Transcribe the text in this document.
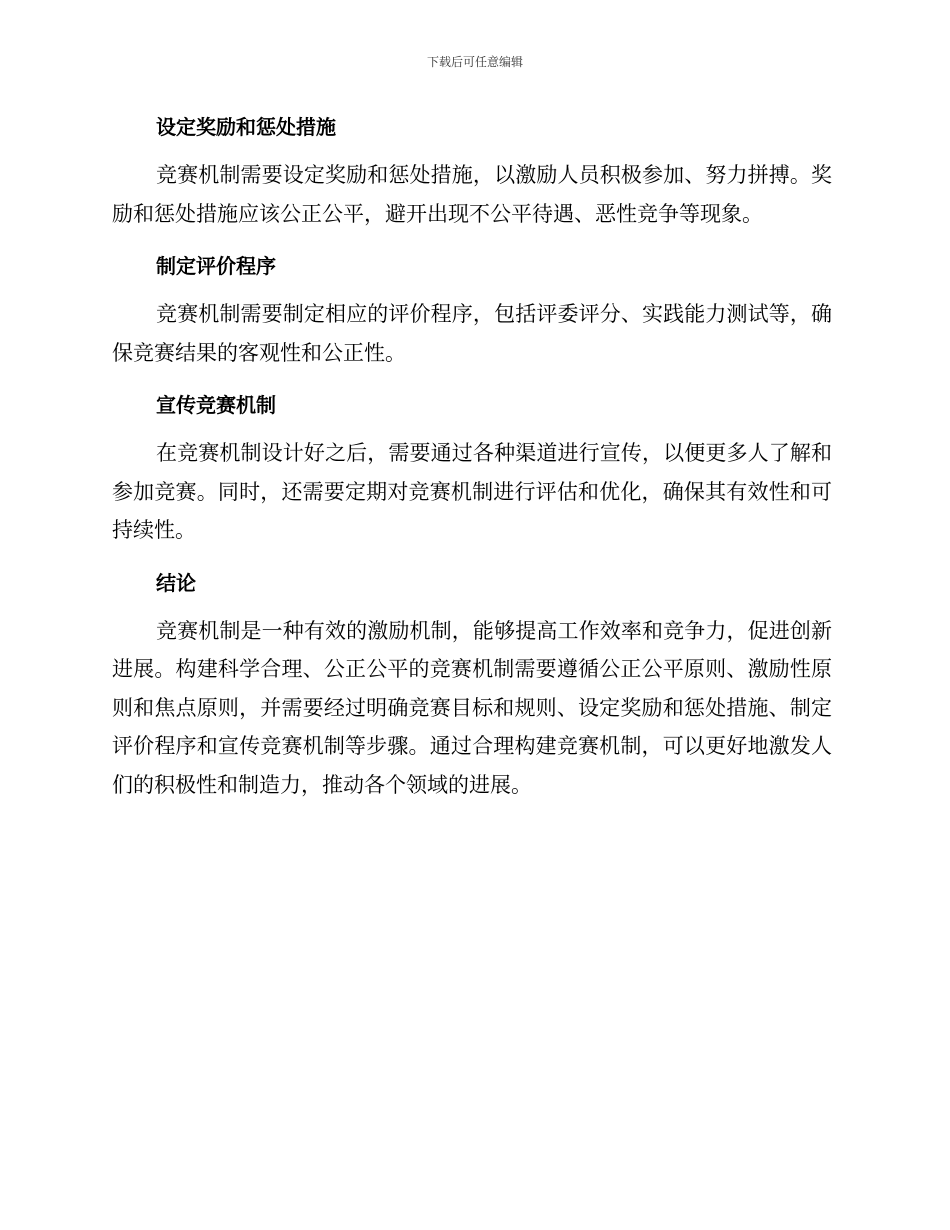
下载后可任意编辑
设定奖励和惩处措施

竞赛机制需要设定奖励和惩处措施，以激励人员积极参加、努力拼搏。奖励和惩处措施应该公正公平，避开出现不公平待遇、恶性竞争等现象。

制定评价程序

竞赛机制需要制定相应的评价程序，包括评委评分、实践能力测试等，确保竞赛结果的客观性和公正性。

宣传竞赛机制

在竞赛机制设计好之后，需要通过各种渠道进行宣传，以便更多人了解和参加竞赛。同时，还需要定期对竞赛机制进行评估和优化，确保其有效性和可持续性。

结论

竞赛机制是一种有效的激励机制，能够提高工作效率和竞争力，促进创新进展。构建科学合理、公正公平的竞赛机制需要遵循公正公平原则、激励性原则和焦点原则，并需要经过明确竞赛目标和规则、设定奖励和惩处措施、制定评价程序和宣传竞赛机制等步骤。通过合理构建竞赛机制，可以更好地激发人们的积极性和制造力，推动各个领域的进展。
